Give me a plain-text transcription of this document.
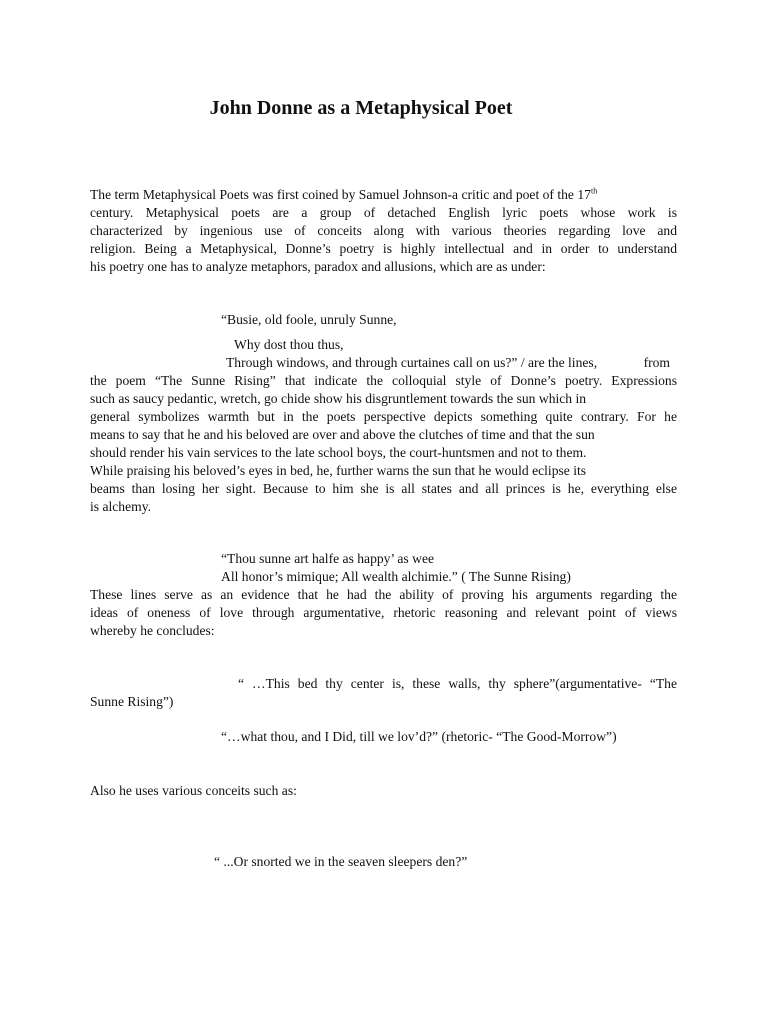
John Donne as a Metaphysical Poet
The term Metaphysical Poets was first coined by Samuel Johnson-a critic and poet of the 17th
century. Metaphysical poets are a group of detached English lyric poets whose work is
characterized by ingenious use of conceits along with various theories regarding love and
religion. Being a Metaphysical, Donne’s poetry is highly intellectual and in order to understand
his poetry one has to analyze metaphors, paradox and allusions, which are as under:
“Busie, old foole, unruly Sunne,
Why dost thou thus,
Through windows, and through curtaines call on us?” / are the lines,	from
the poem “The Sunne Rising” that indicate the colloquial style of Donne’s poetry. Expressions
such as saucy pedantic, wretch, go chide show his disgruntlement towards the sun which in
general symbolizes warmth but in the poets perspective depicts something quite contrary. For he
means to say that he and his beloved are over and above the clutches of time and that the sun
should render his vain services to the late school boys, the court-huntsmen and not to them.
While praising his beloved’s eyes in bed, he, further warns the sun that he would eclipse its
beams than losing her sight. Because to him she is all states and all princes is he, everything else
is alchemy.
“Thou sunne art halfe as happy’ as wee
All honor’s mimique; All wealth alchimie.” ( The Sunne Rising)
These lines serve as an evidence that he had the ability of proving his arguments regarding the
ideas of oneness of love through argumentative, rhetoric reasoning and relevant point of views
whereby he concludes:
“ …This bed thy center is, these walls, thy sphere”(argumentative- “The
Sunne Rising”)
“…what thou, and I Did, till we lov’d?” (rhetoric- “The Good-Morrow”)
Also he uses various conceits such as:
“ ...Or snorted we in the seaven sleepers den?”
